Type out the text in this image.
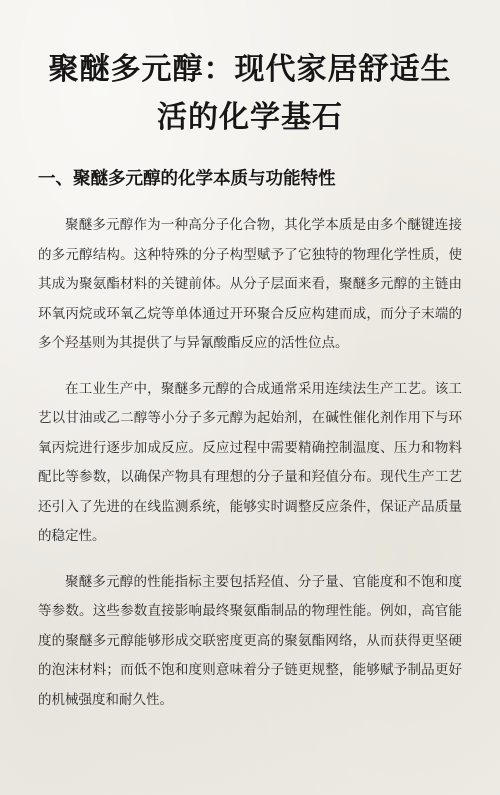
聚醚多元醇：现代家居舒适生活的化学基石
一、聚醚多元醇的化学本质与功能特性

聚醚多元醇作为一种高分子化合物，其化学本质是由多个醚键连接的多元醇结构。这种特殊的分子构型赋予了它独特的物理化学性质，使其成为聚氨酯材料的关键前体。从分子层面来看，聚醚多元醇的主链由环氧丙烷或环氧乙烷等单体通过开环聚合反应构建而成，而分子末端的多个羟基则为其提供了与异氰酸酯反应的活性位点。

在工业生产中，聚醚多元醇的合成通常采用连续法生产工艺。该工艺以甘油或乙二醇等小分子多元醇为起始剂，在碱性催化剂作用下与环氧丙烷进行逐步加成反应。反应过程中需要精确控制温度、压力和物料配比等参数，以确保产物具有理想的分子量和羟值分布。现代生产工艺还引入了先进的在线监测系统，能够实时调整反应条件，保证产品质量的稳定性。

聚醚多元醇的性能指标主要包括羟值、分子量、官能度和不饱和度等参数。这些参数直接影响最终聚氨酯制品的物理性能。例如，高官能度的聚醚多元醇能够形成交联密度更高的聚氨酯网络，从而获得更坚硬的泡沫材料；而低不饱和度则意味着分子链更规整，能够赋予制品更好的机械强度和耐久性。
